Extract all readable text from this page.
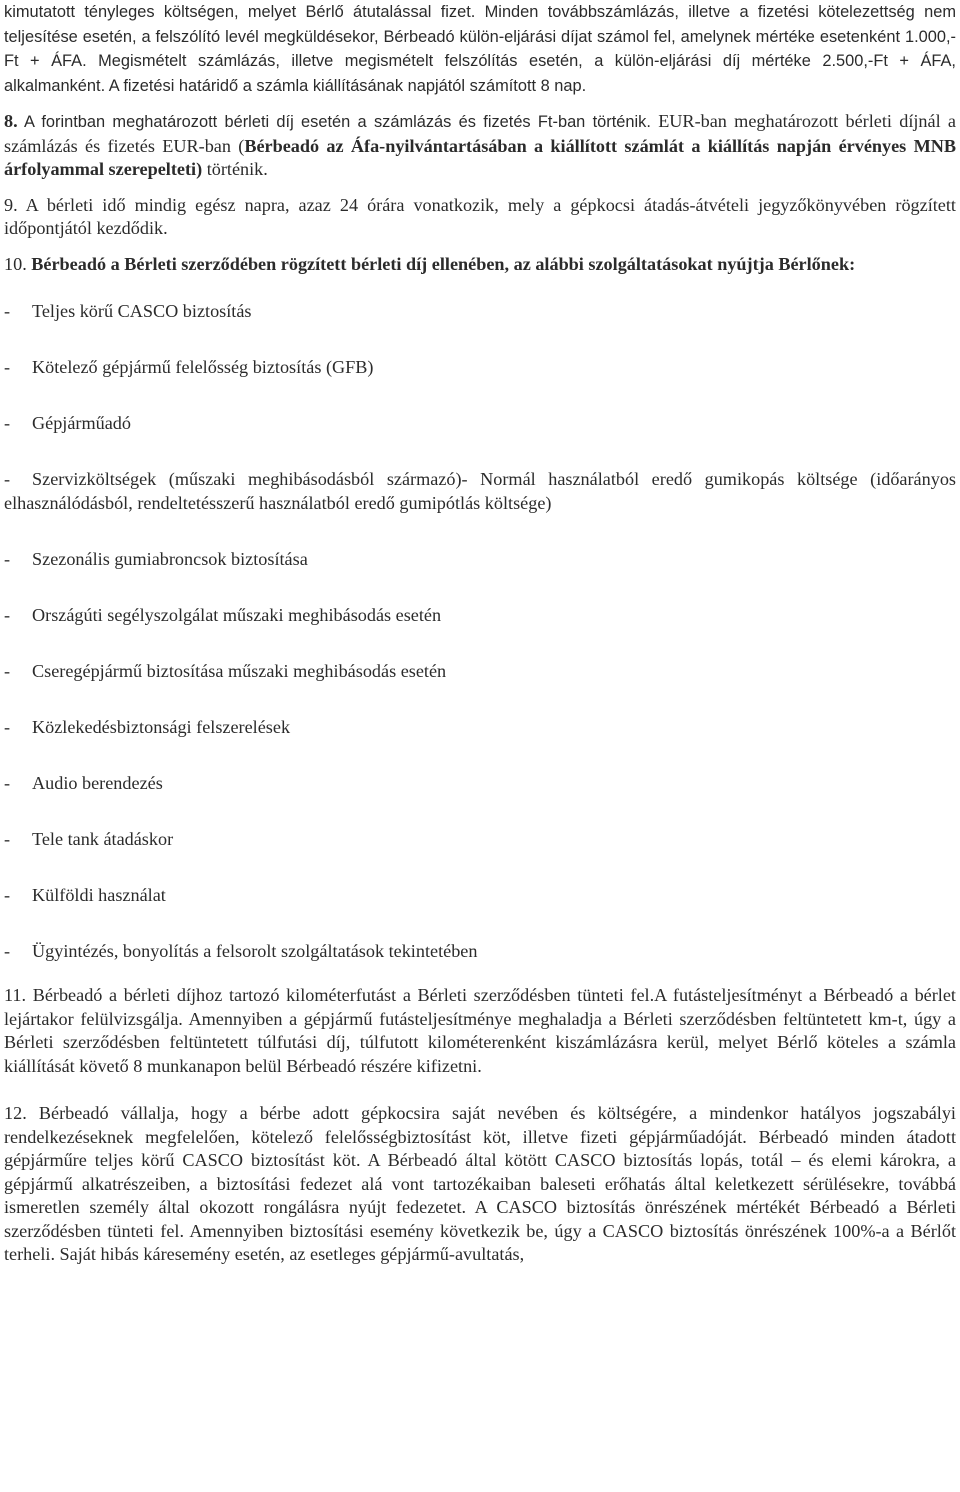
kimutatott tényleges költségen, melyet Bérlő átutalással fizet. Minden továbbszámlázás, illetve a fizetési kötelezettség nem teljesítése esetén, a felszólító levél megküldésekor, Bérbeadó külön-eljárási díjat számol fel, amelynek mértéke esetenként 1.000,-Ft + ÁFA. Megismételt számlázás, illetve megismételt felszólítás esetén, a külön-eljárási díj mértéke 2.500,-Ft + ÁFA, alkalmanként. A fizetési határidő a számla kiállításának napjától számított 8 nap.

8. A forintban meghatározott bérleti díj esetén a számlázás és fizetés Ft-ban történik. EUR-ban meghatározott bérleti díjnál a számlázás és fizetés EUR-ban (Bérbeadó az Áfa-nyilvántartásában a kiállított számlát a kiállítás napján érvényes MNB árfolyammal szerepelteti) történik.

9. A bérleti idő mindig egész napra, azaz 24 órára vonatkozik, mely a gépkocsi átadás-átvételi jegyzőkönyvében rögzített időpontjától kezdődik.

10. Bérbeadó a Bérleti szerződében rögzített bérleti díj ellenében, az alábbi szolgáltatásokat nyújtja Bérlőnek:

- Teljes körű CASCO biztosítás

- Kötelező gépjármű felelősség biztosítás (GFB)

- Gépjárműadó

- Szervizköltségek (műszaki meghibásodásból származó)- Normál használatból eredő gumikopás költsége (időarányos elhasználódásból, rendeltetésszerű használatból eredő gumipótlás költsége)

- Szezonális gumiabroncsok biztosítása

- Országúti segélyszolgálat műszaki meghibásodás esetén

- Cseregépjármű biztosítása műszaki meghibásodás esetén

- Közlekedésbiztonsági felszerelések

- Audio berendezés

- Tele tank átadáskor

- Külföldi használat

- Ügyintézés, bonyolítás a felsorolt szolgáltatások tekintetében

11. Bérbeadó a bérleti díjhoz tartozó kilométerfutást a Bérleti szerződésben tünteti fel.A futásteljesítményt a Bérbeadó a bérlet lejártakor felülvizsgálja. Amennyiben a gépjármű futásteljesítménye meghaladja a Bérleti szerződésben feltüntetett km-t, úgy a Bérleti szerződésben feltüntetett túlfutási díj, túlfutott kilométerenként kiszámlázásra kerül, melyet Bérlő köteles a számla kiállítását követő 8 munkanapon belül Bérbeadó részére kifizetni.

12. Bérbeadó vállalja, hogy a bérbe adott gépkocsira saját nevében és költségére, a mindenkor hatályos jogszabályi rendelkezéseknek megfelelően, kötelező felelősségbiztosítást köt, illetve fizeti gépjárműadóját. Bérbeadó minden átadott gépjárműre teljes körű CASCO biztosítást köt. A Bérbeadó által kötött CASCO biztosítás lopás, totál – és elemi károkra, a gépjármű alkatrészeiben, a biztosítási fedezet alá vont tartozékaiban baleseti erőhatás által keletkezett sérülésekre, továbbá ismeretlen személy által okozott rongálásra nyújt fedezetet. A CASCO biztosítás önrészének mértékét Bérbeadó a Bérleti szerződésben tünteti fel. Amennyiben biztosítási esemény következik be, úgy a CASCO biztosítás önrészének 100%-a a Bérlőt terheli. Saját hibás káresemény esetén, az esetleges gépjármű-avultatás,
